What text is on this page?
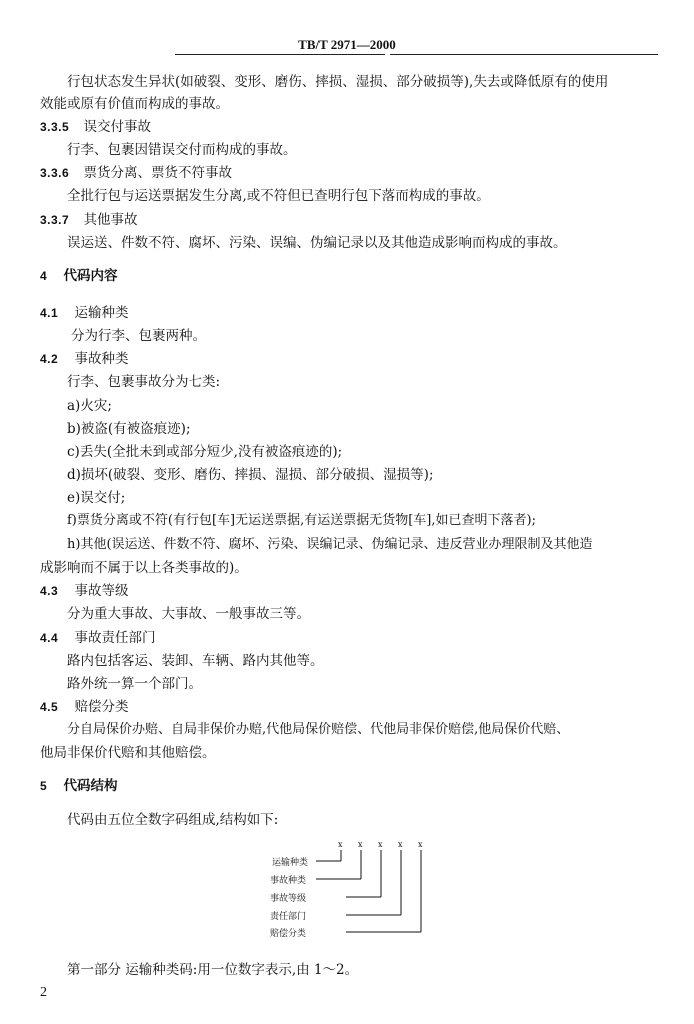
TB/T 2971—2000
行包状态发生异状(如破裂、变形、磨伤、摔损、湿损、部分破损等),失去或降低原有的使用
效能或原有价值而构成的事故。
3.3.5 误交付事故
行李、包裹因错误交付而构成的事故。
3.3.6 票货分离、票货不符事故
全批行包与运送票据发生分离,或不符但已查明行包下落而构成的事故。
3.3.7 其他事故
误运送、件数不符、腐坏、污染、误编、伪编记录以及其他造成影响而构成的事故。
4 代码内容
4.1 运输种类
分为行李、包裹两种。
4.2 事故种类
行李、包裹事故分为七类:
a)火灾;
b)被盗(有被盗痕迹);
c)丢失(全批未到或部分短少,没有被盗痕迹的);
d)损坏(破裂、变形、磨伤、摔损、湿损、部分破损、湿损等);
e)误交付;
f)票货分离或不符(有行包[车]无运送票据,有运送票据无货物[车],如已查明下落者);
h)其他(误运送、件数不符、腐坏、污染、误编记录、伪编记录、违反营业办理限制及其他造
成影响而不属于以上各类事故的)。
4.3 事故等级
分为重大事故、大事故、一般事故三等。
4.4 事故责任部门
路内包括客运、装卸、车辆、路内其他等。
路外统一算一个部门。
4.5 赔偿分类
分自局保价办赔、自局非保价办赔,代他局保价赔偿、代他局非保价赔偿,他局保价代赔、
他局非保价代赔和其他赔偿。
5 代码结构
代码由五位全数字码组成,结构如下:
x x x x x
运输种类
事故种类
事故等级
责任部门
赔偿分类
第一部分 运输种类码:用一位数字表示,由 1～2。
2
